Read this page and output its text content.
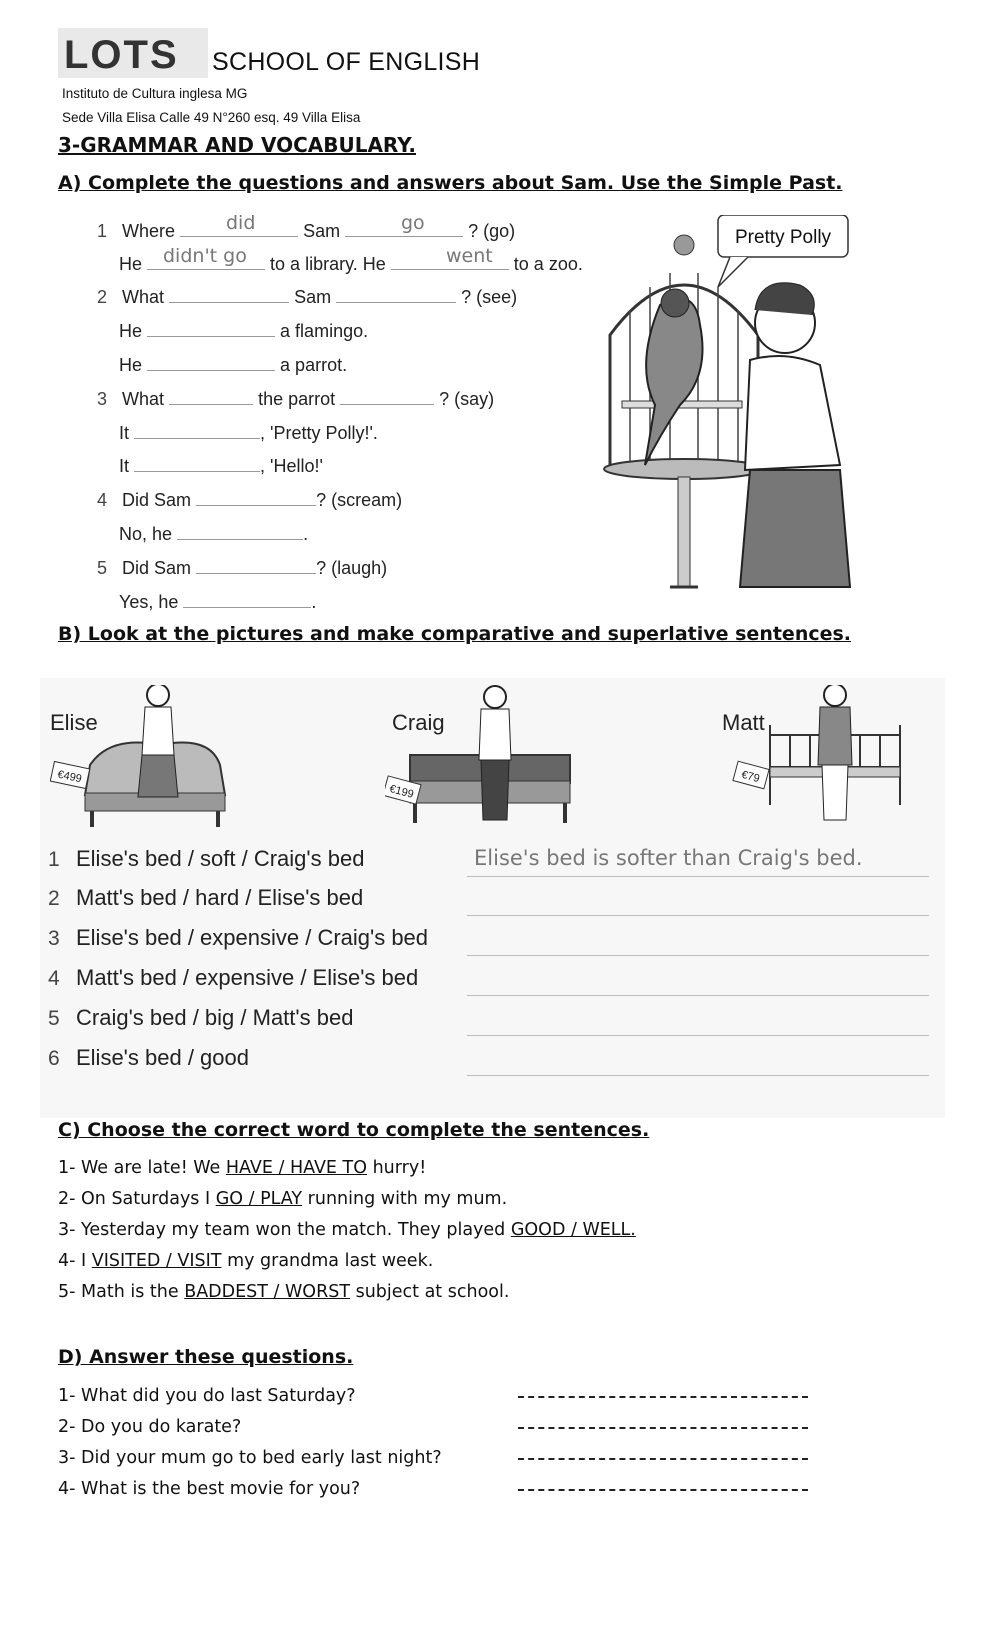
LOTS SCHOOL OF ENGLISH
Instituto de Cultura inglesa MG
Sede Villa Elisa Calle 49 N°260 esq. 49 Villa Elisa
3-GRAMMAR AND VOCABULARY.
A) Complete the questions and answers about Sam. Use the Simple Past.
1 Where	Sam	? (go)
did	go
He	to a library. He	to a zoo.
didn't go	went
2 What	Sam	? (see)
He	a flamingo.
He	a parrot.
3 What	the parrot	? (say)
It	, 'Pretty Polly!'.
It	, 'Hello!'
4 Did Sam	? (scream)
No, he	.
5 Did Sam	? (laugh)
Yes, he	.
Pretty Polly
B) Look at the pictures and make comparative and superlative sentences.
Elise	Craig	Matt
€499
€199
€79
1 Elise's bed / soft / Craig's bed	Elise's bed is softer than Craig's bed.
2 Matt's bed / hard / Elise's bed
3 Elise's bed / expensive / Craig's bed
4 Matt's bed / expensive / Elise's bed
5 Craig's bed / big / Matt's bed
6 Elise's bed / good
C) Choose the correct word to complete the sentences.
1- We are late! We HAVE / HAVE TO hurry!
2- On Saturdays I GO / PLAY running with my mum.
3- Yesterday my team won the match. They played GOOD / WELL.
4- I VISITED / VISIT my grandma last week.
5- Math is the BADDEST / WORST subject at school.
D) Answer these questions.
1- What did you do last Saturday?
2- Do you do karate?
3- Did your mum go to bed early last night?
4- What is the best movie for you?
